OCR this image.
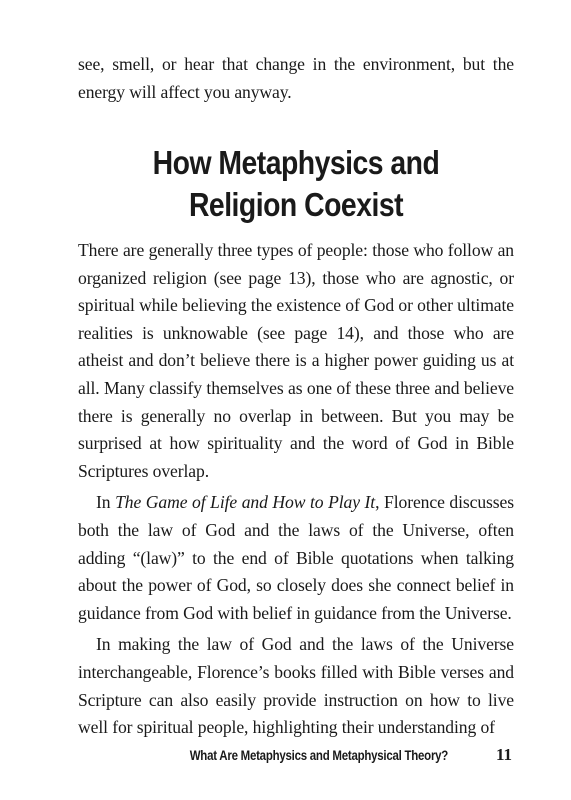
see, smell, or hear that change in the environment, but the energy will affect you anyway.
How Metaphysics and
Religion Coexist

There are generally three types of people: those who follow an organized religion (see page 13), those who are agnostic, or spiritual while believing the existence of God or other ultimate realities is unknowable (see page 14), and those who are atheist and don’t believe there is a higher power guiding us at all. Many classify themselves as one of these three and believe there is generally no overlap in between. But you may be surprised at how spirituality and the word of God in Bible Scriptures overlap.

In The Game of Life and How to Play It, Florence discusses both the law of God and the laws of the Universe, often adding “(law)” to the end of Bible quotations when talking about the power of God, so closely does she connect belief in guidance from God with belief in guidance from the Universe.

In making the law of God and the laws of the Universe interchangeable, Florence’s books filled with Bible verses and Scripture can also easily provide instruction on how to live well for spiritual people, highlighting their understanding of

What Are Metaphysics and Metaphysical Theory?	11
